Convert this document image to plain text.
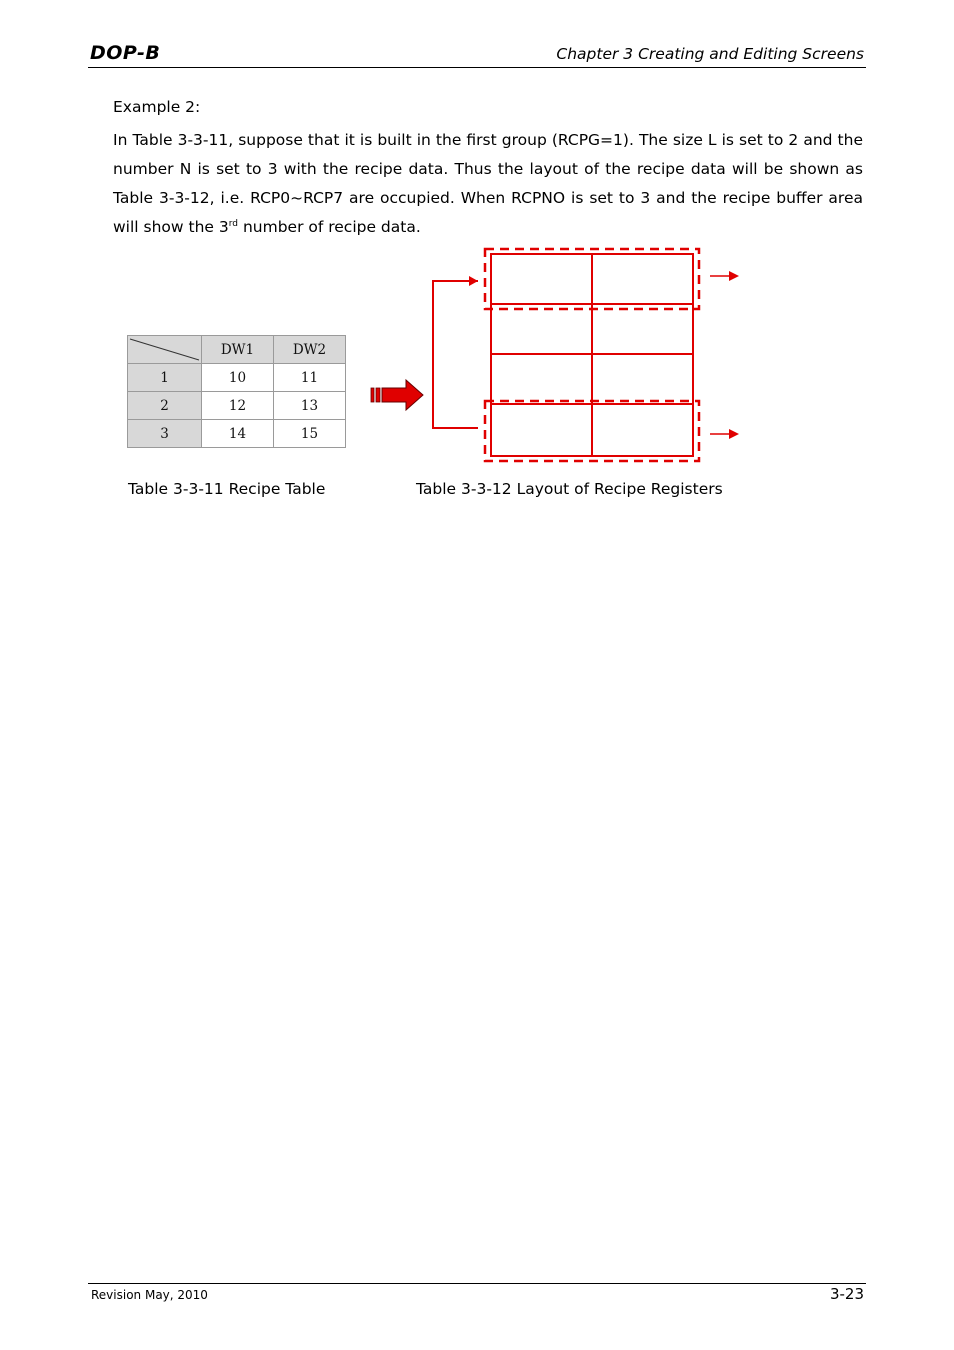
DOP-B	Chapter 3 Creating and Editing Screens
Example 2:
In Table 3-3-11, suppose that it is built in the first group (RCPG=1). The size L is set to 2 and the number N is set to 3 with the recipe data. Thus the layout of the recipe data will be shown as Table 3-3-12, i.e. RCP0~RCP7 are occupied. When RCPNO is set to 3 and the recipe buffer area will show the 3rd number of recipe data.
	DW1	DW2
1	10	11
2	12	13
3	14	15
Table 3-3-11 Recipe Table	Table 3-3-12 Layout of Recipe Registers
Revision May, 2010	3-23
